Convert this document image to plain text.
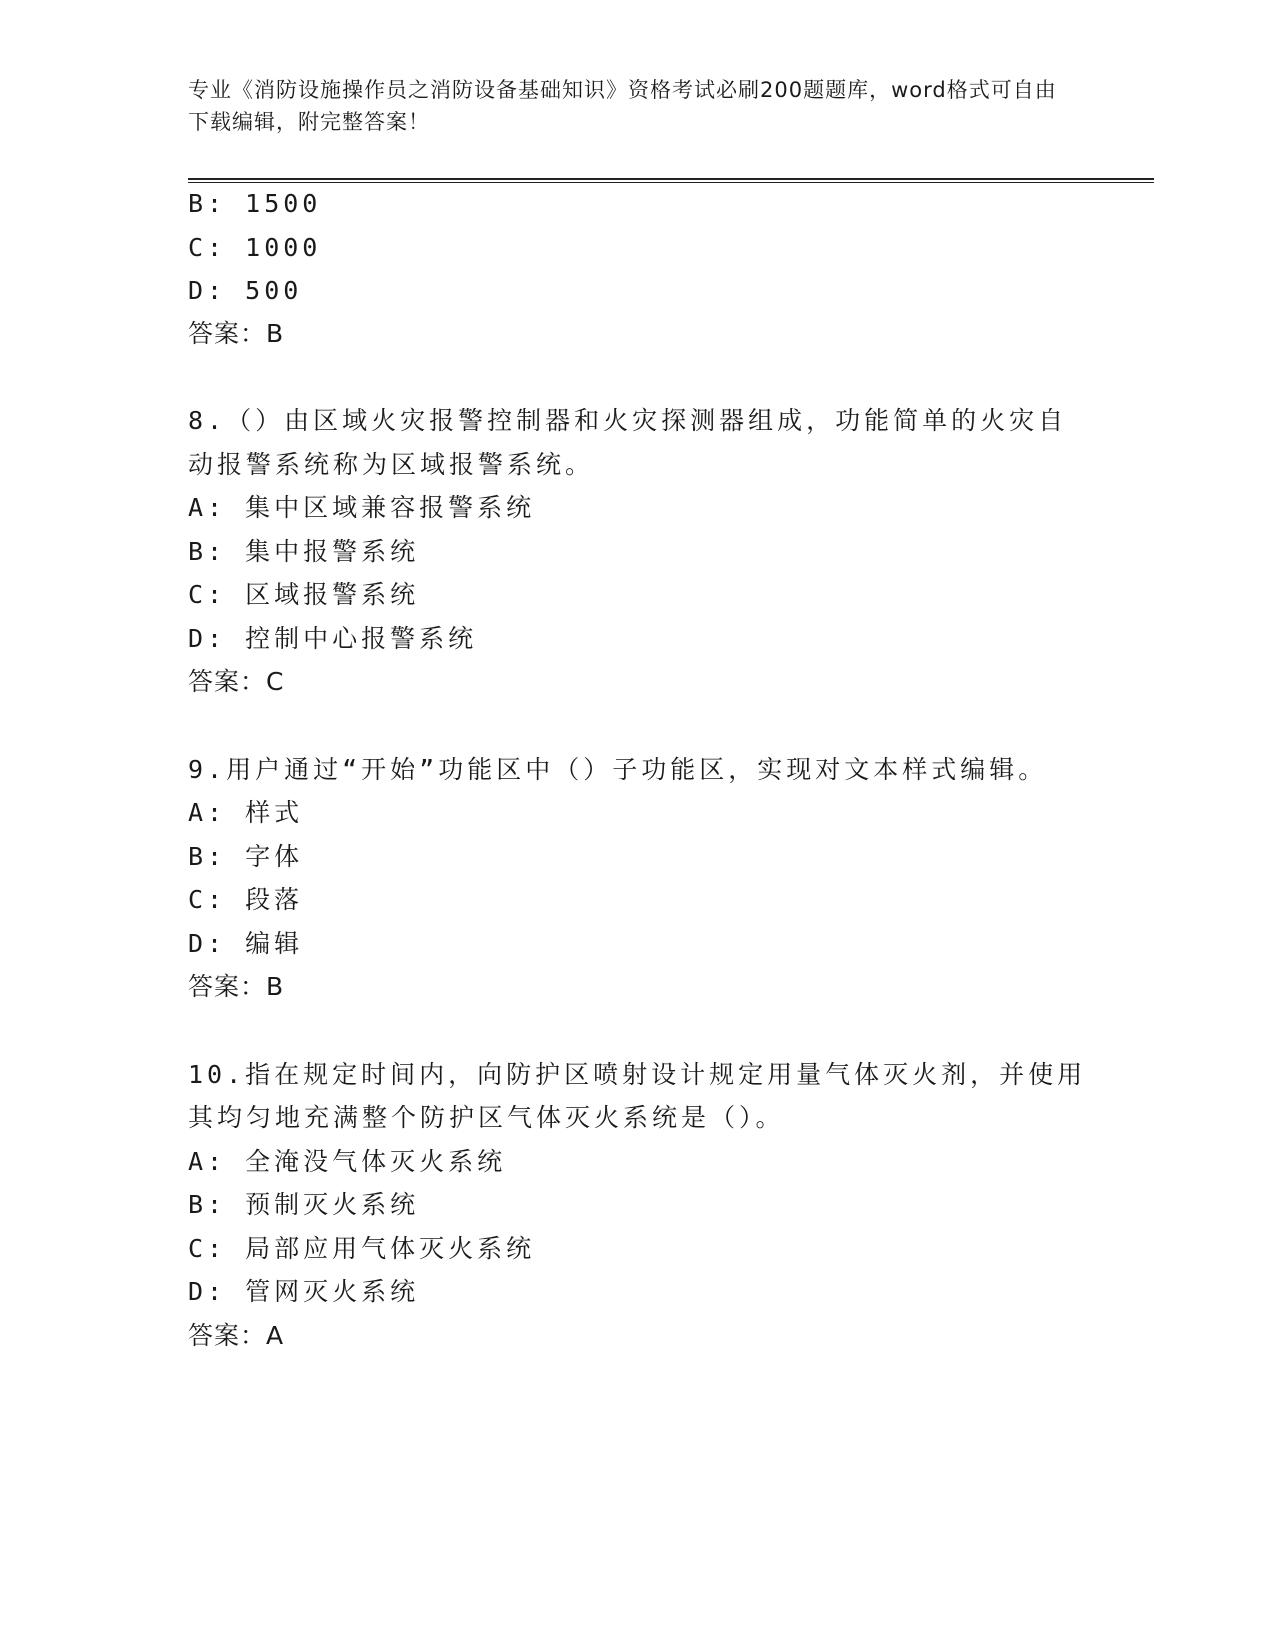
专业《消防设施操作员之消防设备基础知识》资格考试必刷200题题库，word格式可自由下载编辑，附完整答案！

B: 1500

C: 1000

D: 500

答案：B

8.（）由区域火灾报警控制器和火灾探测器组成，功能简单的火灾自

动报警系统称为区域报警系统。

A: 集中区域兼容报警系统

B: 集中报警系统

C: 区域报警系统

D: 控制中心报警系统

答案：C

9.用户通过“开始”功能区中（）子功能区，实现对文本样式编辑。

A: 样式

B: 字体

C: 段落

D: 编辑

答案：B

10.指在规定时间内，向防护区喷射设计规定用量气体灭火剂，并使用

其均匀地充满整个防护区气体灭火系统是（）。

A: 全淹没气体灭火系统

B: 预制灭火系统

C: 局部应用气体灭火系统

D: 管网灭火系统

答案：A
